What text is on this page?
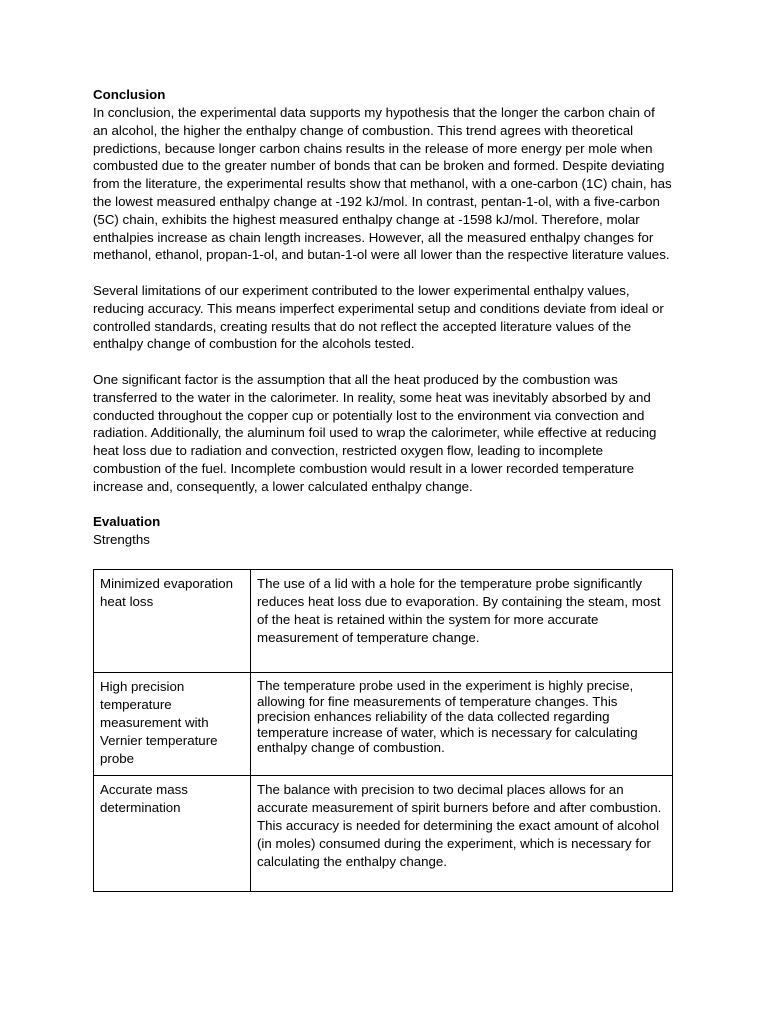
Conclusion

In conclusion, the experimental data supports my hypothesis that the longer the carbon chain of an alcohol, the higher the enthalpy change of combustion. This trend agrees with theoretical predictions, because longer carbon chains results in the release of more energy per mole when combusted due to the greater number of bonds that can be broken and formed. Despite deviating from the literature, the experimental results show that methanol, with a one-carbon (1C) chain, has the lowest measured enthalpy change at -192 kJ/mol. In contrast, pentan-1-ol, with a five-carbon (5C) chain, exhibits the highest measured enthalpy change at -1598 kJ/mol. Therefore, molar enthalpies increase as chain length increases. However, all the measured enthalpy changes for methanol, ethanol, propan-1-ol, and butan-1-ol were all lower than the respective literature values.

Several limitations of our experiment contributed to the lower experimental enthalpy values, reducing accuracy. This means imperfect experimental setup and conditions deviate from ideal or controlled standards, creating results that do not reflect the accepted literature values of the enthalpy change of combustion for the alcohols tested.

One significant factor is the assumption that all the heat produced by the combustion was transferred to the water in the calorimeter. In reality, some heat was inevitably absorbed by and conducted throughout the copper cup or potentially lost to the environment via convection and radiation. Additionally, the aluminum foil used to wrap the calorimeter, while effective at reducing heat loss due to radiation and convection, restricted oxygen flow, leading to incomplete combustion of the fuel. Incomplete combustion would result in a lower recorded temperature increase and, consequently, a lower calculated enthalpy change.

Evaluation

Strengths

Minimized evaporation heat loss	The use of a lid with a hole for the temperature probe significantly reduces heat loss due to evaporation. By containing the steam, most of the heat is retained within the system for more accurate measurement of temperature change.
High precision temperature measurement with Vernier temperature probe	The temperature probe used in the experiment is highly precise, allowing for fine measurements of temperature changes. This precision enhances reliability of the data collected regarding temperature increase of water, which is necessary for calculating enthalpy change of combustion.
Accurate mass determination	The balance with precision to two decimal places allows for an accurate measurement of spirit burners before and after combustion. This accuracy is needed for determining the exact amount of alcohol (in moles) consumed during the experiment, which is necessary for calculating the enthalpy change.
